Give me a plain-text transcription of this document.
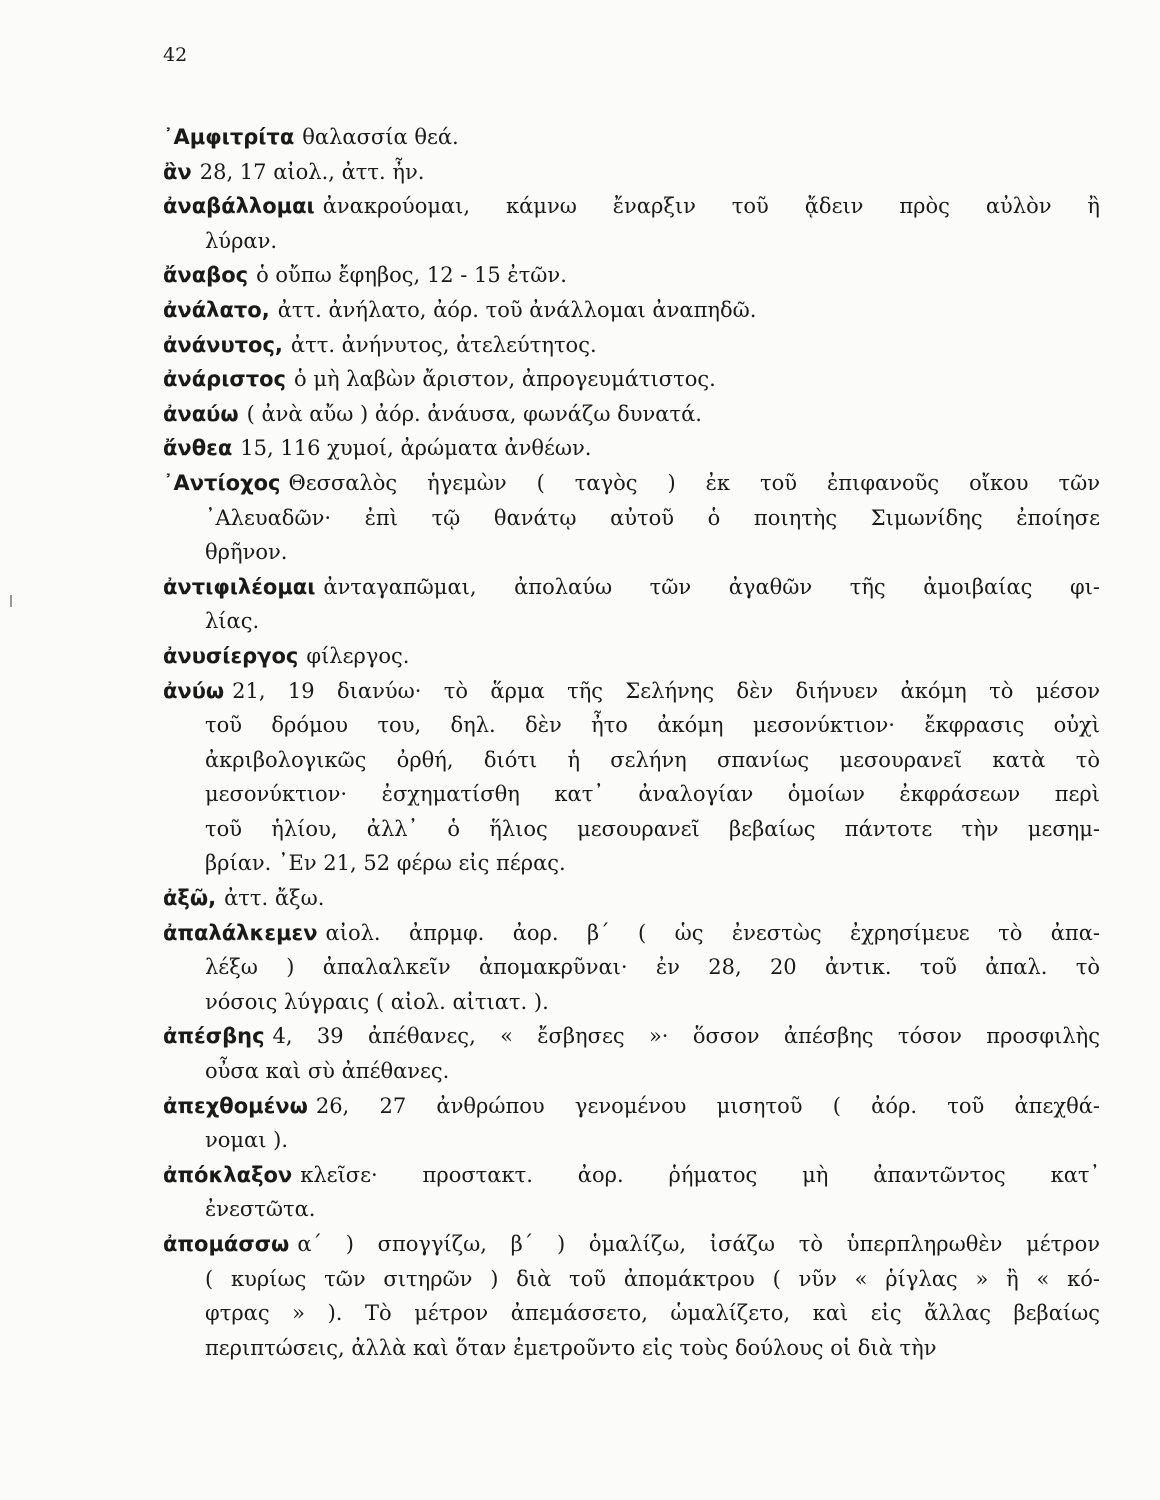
42
᾿Αμφιτρίτα θαλασσία θεά.
ἂν 28, 17 αἰολ., ἀττ. ἦν.
ἀναβάλλομαι ἀνακρούομαι, κάμνω ἔναρξιν τοῦ ᾄδειν πρὸς αὐλὸν ἢ
λύραν.
ἄναβος ὁ οὔπω ἔφηβος, 12 - 15 ἐτῶν.
ἀνάλατο, ἀττ. ἀνήλατο, ἀόρ. τοῦ ἀνάλλομαι ἀναπηδῶ.
ἀνάνυτος, ἀττ. ἀνήνυτος, ἀτελεύτητος.
ἀνάριστος ὁ μὴ λαβὼν ἄριστον, ἀπρογευμάτιστος.
ἀναύω ( ἀνὰ αὔω ) ἀόρ. ἀνάυσα, φωνάζω δυνατά.
ἄνθεα 15, 116 χυμοί, ἀρώματα ἀνθέων.
᾿Αντίοχος Θεσσαλὸς ἡγεμὼν ( ταγὸς ) ἐκ τοῦ ἐπιφανοῦς οἴκου τῶν
᾿Αλευαδῶν· ἐπὶ τῷ θανάτῳ αὐτοῦ ὁ ποιητὴς Σιμωνίδης ἐποίησε
θρῆνον.
ἀντιφιλέομαι ἀνταγαπῶμαι, ἀπολαύω τῶν ἀγαθῶν τῆς ἀμοιβαίας φι-
λίας.
ἀνυσίεργος φίλεργος.
ἀνύω 21, 19 διανύω· τὸ ἅρμα τῆς Σελήνης δὲν διήνυεν ἀκόμη τὸ μέσον
τοῦ δρόμου του, δηλ. δὲν ἦτο ἀκόμη μεσονύκτιον· ἔκφρασις οὐχὶ
ἀκριβολογικῶς ὀρθή, διότι ἡ σελήνη σπανίως μεσουρανεῖ κατὰ τὸ
μεσονύκτιον· ἐσχηματίσθη κατ᾿ ἀναλογίαν ὁμοίων ἐκφράσεων περὶ
τοῦ ἡλίου, ἀλλ᾿ ὁ ἥλιος μεσουρανεῖ βεβαίως πάντοτε τὴν μεσημ-
βρίαν. ᾿Εν 21, 52 φέρω εἰς πέρας.
ἀξῶ, ἀττ. ἄξω.
ἀπαλάλκεμεν αἰολ. ἀπρμφ. ἀορ. β΄ ( ὡς ἐνεστὼς ἐχρησίμευε τὸ ἀπα-
λέξω ) ἀπαλαλκεῖν ἀπομακρῦναι· ἐν 28, 20 ἀντικ. τοῦ ἀπαλ. τὸ
νόσοις λύγραις ( αἰολ. αἰτιατ. ).
ἀπέσβης 4, 39 ἀπέθανες, « ἔσβησες »· ὅσσον ἀπέσβης τόσον προσφιλὴς
οὖσα καὶ σὺ ἀπέθανες.
ἀπεχθομένω 26, 27 ἀνθρώπου γενομένου μισητοῦ ( ἀόρ. τοῦ ἀπεχθά-
νομαι ).
ἀπόκλαξον κλεῖσε· προστακτ. ἀορ. ῥήματος μὴ ἀπαντῶντος κατ᾿
ἐνεστῶτα.
ἀπομάσσω α΄ ) σπογγίζω, β΄ ) ὁμαλίζω, ἰσάζω τὸ ὑπερπληρωθὲν μέτρον
( κυρίως τῶν σιτηρῶν ) διὰ τοῦ ἀπομάκτρου ( νῦν « ῥίγλας » ἢ « κό-
φτρας » ). Τὸ μέτρον ἀπεμάσσετο, ὡμαλίζετο, καὶ εἰς ἄλλας βεβαίως
περιπτώσεις, ἀλλὰ καὶ ὅταν ἐμετροῦντο εἰς τοὺς δούλους οἱ διὰ τὴν
